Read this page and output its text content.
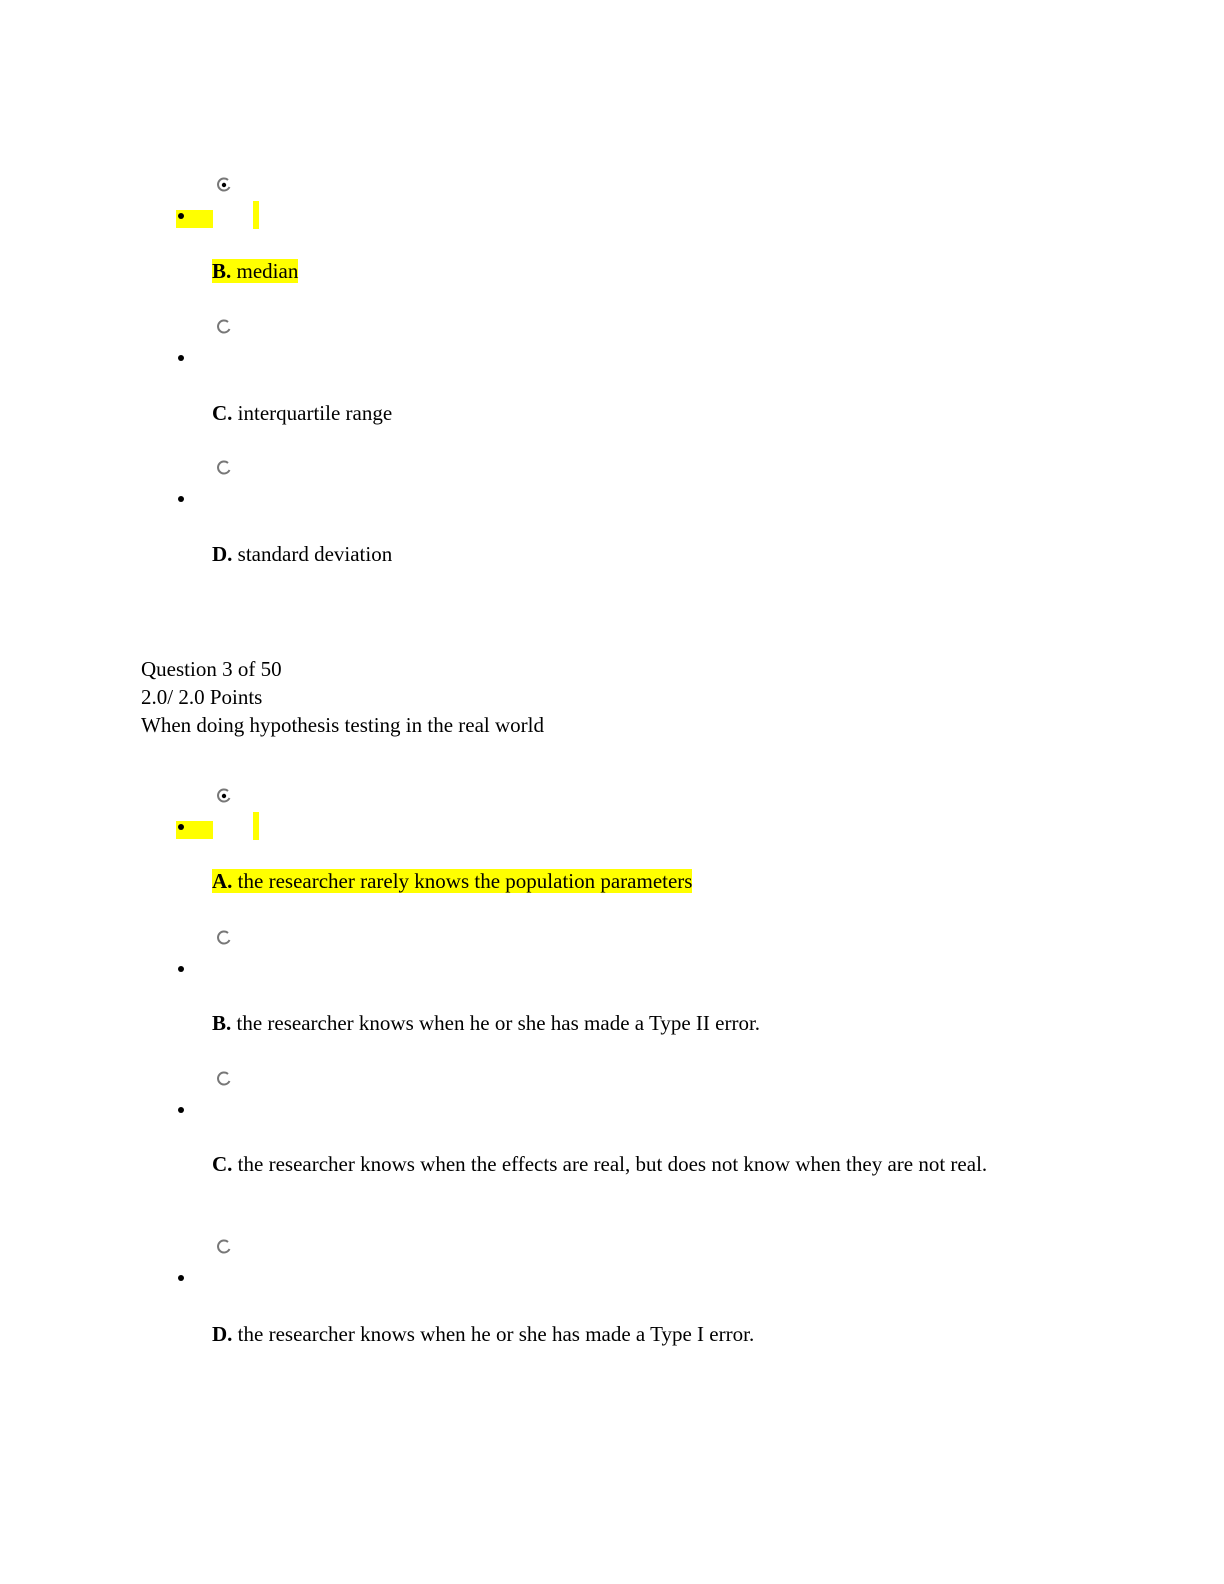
B. median
C. interquartile range
D. standard deviation
Question 3 of 50
2.0/ 2.0 Points
When doing hypothesis testing in the real world
A. the researcher rarely knows the population parameters
B. the researcher knows when he or she has made a Type II error.
C. the researcher knows when the effects are real, but does not know when they are not real.
D. the researcher knows when he or she has made a Type I error.
